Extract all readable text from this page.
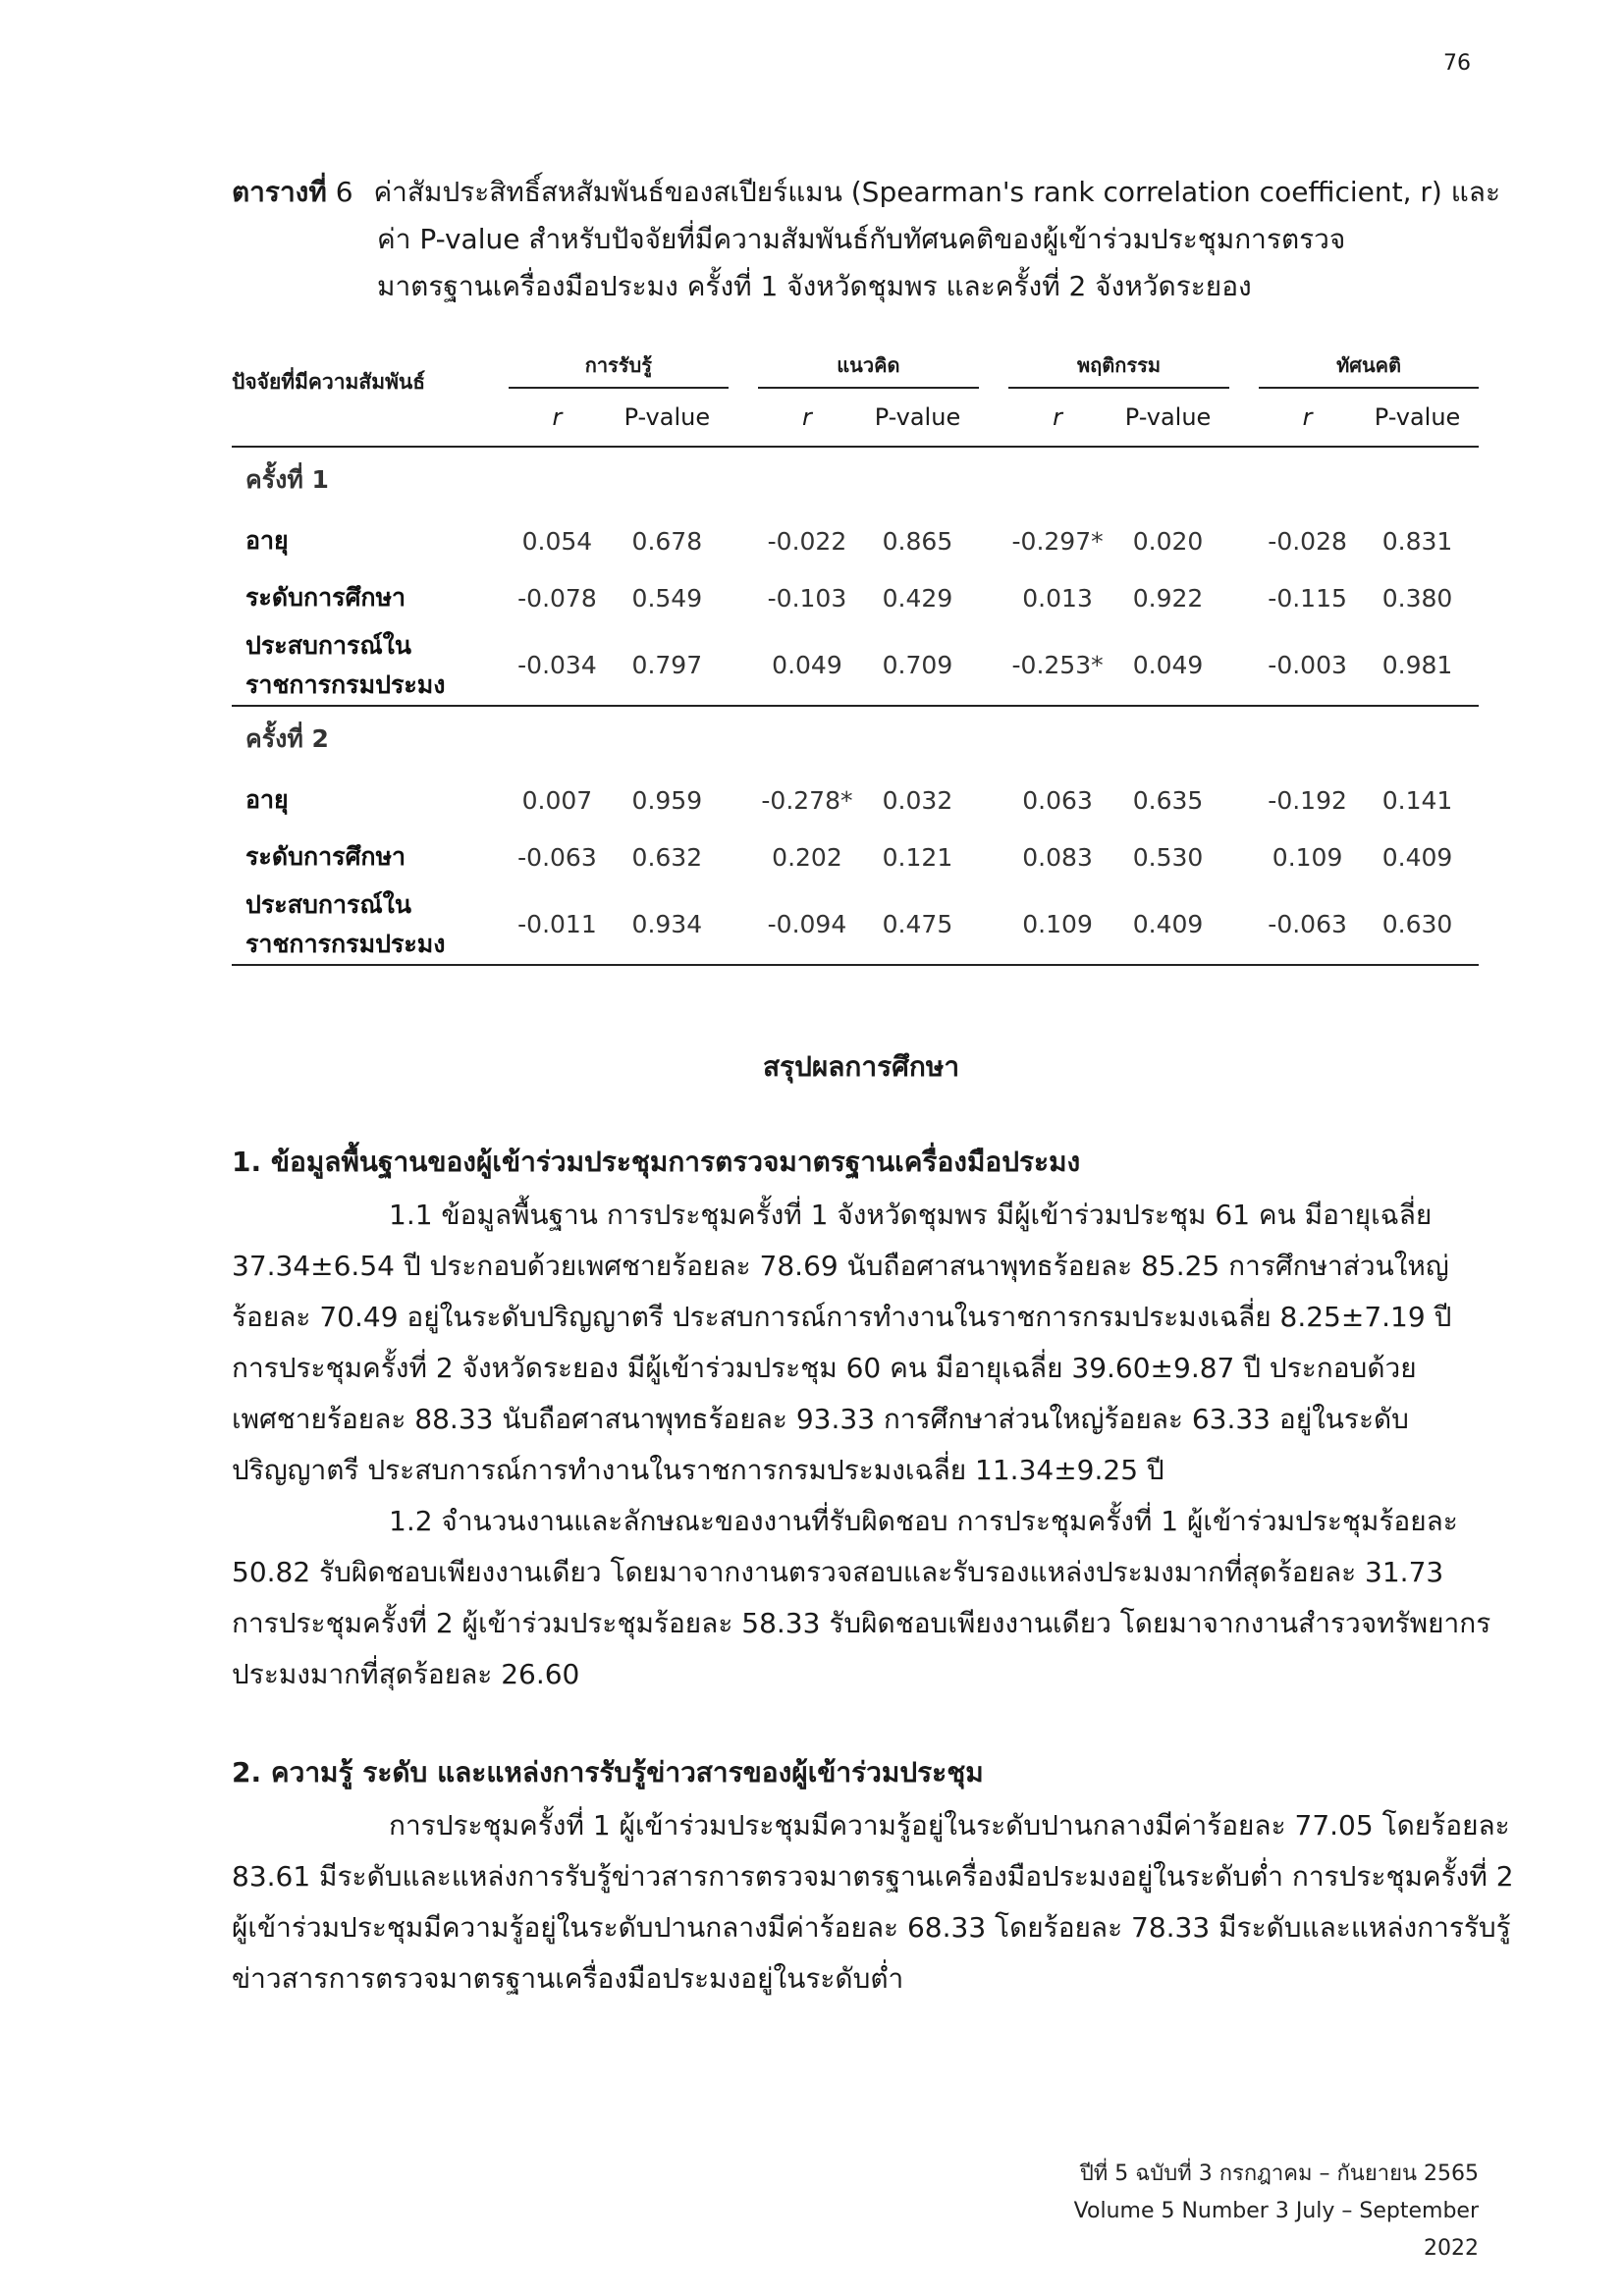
76
ตารางที่ 6 ค่าสัมประสิทธิ์สหสัมพันธ์ของสเปียร์แมน (Spearman's rank correlation coefficient, r) และ
ค่า P-value สำหรับปัจจัยที่มีความสัมพันธ์กับทัศนคติของผู้เข้าร่วมประชุมการตรวจ
มาตรฐานเครื่องมือประมง ครั้งที่ 1 จังหวัดชุมพร และครั้งที่ 2 จังหวัดระยอง
ปัจจัยที่มีความสัมพันธ์	การรับรู้			แนวคิด			พฤติกรรม			ทัศนคติ	
	r	P-value		r	P-value		r	P-value		r	P-value
ครั้งที่ 1											
อายุ	0.054	0.678		-0.022	0.865		-0.297*	0.020		-0.028	0.831
ระดับการศึกษา	-0.078	0.549		-0.103	0.429		0.013	0.922		-0.115	0.380

ประสบการณ์ใน
ราชการกรมประมง	-0.034	0.797		0.049	0.709		-0.253*	0.049		-0.003	0.981
ครั้งที่ 2											
อายุ	0.007	0.959		-0.278*	0.032		0.063	0.635		-0.192	0.141
ระดับการศึกษา	-0.063	0.632		0.202	0.121		0.083	0.530		0.109	0.409

ประสบการณ์ใน
ราชการกรมประมง	-0.011	0.934		-0.094	0.475		0.109	0.409		-0.063	0.630
สรุปผลการศึกษา
1. ข้อมูลพื้นฐานของผู้เข้าร่วมประชุมการตรวจมาตรฐานเครื่องมือประมง
1.1 ข้อมูลพื้นฐาน การประชุมครั้งที่ 1 จังหวัดชุมพร มีผู้เข้าร่วมประชุม 61 คน มีอายุเฉลี่ย
37.34±6.54 ปี ประกอบด้วยเพศชายร้อยละ 78.69 นับถือศาสนาพุทธร้อยละ 85.25 การศึกษาส่วนใหญ่
ร้อยละ 70.49 อยู่ในระดับปริญญาตรี ประสบการณ์การทำงานในราชการกรมประมงเฉลี่ย 8.25±7.19 ปี
การประชุมครั้งที่ 2 จังหวัดระยอง มีผู้เข้าร่วมประชุม 60 คน มีอายุเฉลี่ย 39.60±9.87 ปี ประกอบด้วย
เพศชายร้อยละ 88.33 นับถือศาสนาพุทธร้อยละ 93.33 การศึกษาส่วนใหญ่ร้อยละ 63.33 อยู่ในระดับ
ปริญญาตรี ประสบการณ์การทำงานในราชการกรมประมงเฉลี่ย 11.34±9.25 ปี
1.2 จำนวนงานและลักษณะของงานที่รับผิดชอบ การประชุมครั้งที่ 1 ผู้เข้าร่วมประชุมร้อยละ
50.82 รับผิดชอบเพียงงานเดียว โดยมาจากงานตรวจสอบและรับรองแหล่งประมงมากที่สุดร้อยละ 31.73
การประชุมครั้งที่ 2 ผู้เข้าร่วมประชุมร้อยละ 58.33 รับผิดชอบเพียงงานเดียว โดยมาจากงานสำรวจทรัพยากร
ประมงมากที่สุดร้อยละ 26.60
2. ความรู้ ระดับ และแหล่งการรับรู้ข่าวสารของผู้เข้าร่วมประชุม
การประชุมครั้งที่ 1 ผู้เข้าร่วมประชุมมีความรู้อยู่ในระดับปานกลางมีค่าร้อยละ 77.05 โดยร้อยละ
83.61 มีระดับและแหล่งการรับรู้ข่าวสารการตรวจมาตรฐานเครื่องมือประมงอยู่ในระดับต่ำ การประชุมครั้งที่ 2
ผู้เข้าร่วมประชุมมีความรู้อยู่ในระดับปานกลางมีค่าร้อยละ 68.33 โดยร้อยละ 78.33 มีระดับและแหล่งการรับรู้
ข่าวสารการตรวจมาตรฐานเครื่องมือประมงอยู่ในระดับต่ำ
ปีที่ 5 ฉบับที่ 3 กรกฎาคม – กันยายน 2565
Volume 5 Number 3 July – September 2022
